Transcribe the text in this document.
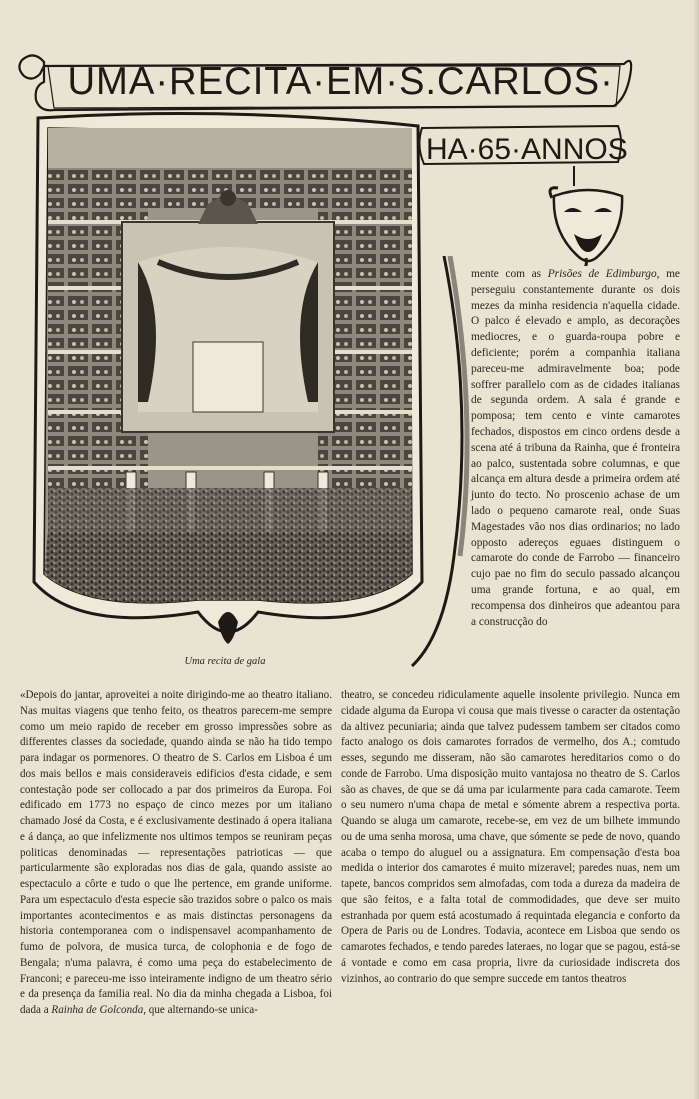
UMA·RECITA·EM·S.CARLOS·
HA·65·ANNOS
Uma recita de gala

mente com as Prisões de Edimburgo, me perseguiu constantemente durante os dois mezes da minha residencia n'aquella cidade. O palco é elevado e amplo, as decorações mediocres, e o guarda-roupa pobre e deficiente; porém a companhia italiana pareceu-me admiravelmente boa; pode soffrer parallelo com as de cidades italianas de segunda ordem. A sala é grande e pomposa; tem cento e vinte camarotes fechados, dispostos em cinco ordens desde a scena até á tribuna da Rainha, que é fronteira ao palco, sustentada sobre columnas, e que alcança em altura desde a primeira ordem até junto do tecto. No proscenio achase de um lado o pequeno camarote real, onde Suas Magestades vão nos dias ordinarios; no lado opposto adereços eguaes distinguem o camarote do conde de Farrobo — financeiro cujo pae no fim do seculo passado alcançou uma grande fortuna, e ao qual, em recompensa dos dinheiros que adeantou para a construcção do

«Depois do jantar, aproveitei a noite dirigindo-me ao theatro italiano. Nas muitas viagens que tenho feito, os theatros parecem-me sempre como um meio rapido de receber em grosso impressões sobre as differentes classes da sociedade, quando ainda se não ha tido tempo para indagar os pormenores. O theatro de S. Carlos em Lisboa é um dos mais bellos e mais consideraveis edificios d'esta cidade, e sem contestação pode ser collocado a par dos primeiros da Europa. Foi edificado em 1773 no espaço de cinco mezes por um italiano chamado José da Costa, e é exclusivamente destinado á opera italiana e á dança, ao que infelizmente nos ultimos tempos se reuniram peças politicas denominadas — representações patrioticas — que particularmente são exploradas nos dias de gala, quando assiste ao espectaculo a côrte e tudo o que lhe pertence, em grande uniforme. Para um espectaculo d'esta especie são trazidos sobre o palco os mais importantes acontecimentos e as mais distinctas personagens da historia contemporanea com o indispensavel acompanhamento de fumo de polvora, de musica turca, de colophonia e de fogo de Bengala; n'uma palavra, é como uma peça do estabelecimento de Franconi; e pareceu-me isso inteiramente indigno de um theatro sério e da presença da familia real. No dia da minha chegada a Lisboa, foi dada a Rainha de Golconda, que alternando-se unica-

theatro, se concedeu ridiculamente aquelle insolente privilegio. Nunca em cidade alguma da Europa vi cousa que mais tivesse o caracter da ostentação da altivez pecuniaria; ainda que talvez pudessem tambem ser citados como facto analogo os dois camarotes forrados de vermelho, dos A.; comtudo esses, segundo me disseram, não são camarotes hereditarios como o do conde de Farrobo. Uma disposição muito vantajosa no theatro de S. Carlos são as chaves, de que se dá uma par icularmente para cada camarote. Teem o seu numero n'uma chapa de metal e sómente abrem a respectiva porta. Quando se aluga um camarote, recebe-se, em vez de um bilhete immundo ou de uma senha morosa, uma chave, que sómente se pede de novo, quando acaba o tempo do aluguel ou a assignatura. Em compensação d'esta boa medida o interior dos camarotes é muito mizeravel; paredes nuas, nem um tapete, bancos compridos sem almofadas, com toda a dureza da madeira de que são feitos, e a falta total de commodidades, que deve ser muito estranhada por quem está acostumado á requintada elegancia e conforto da Opera de Paris ou de Londres. Todavia, acontece em Lisboa que sendo os camarotes fechados, e tendo paredes lateraes, no logar que se pagou, está-se á vontade e como em casa propria, livre da curiosidade indiscreta dos vizinhos, ao contrario do que sempre succede em tantos theatros
